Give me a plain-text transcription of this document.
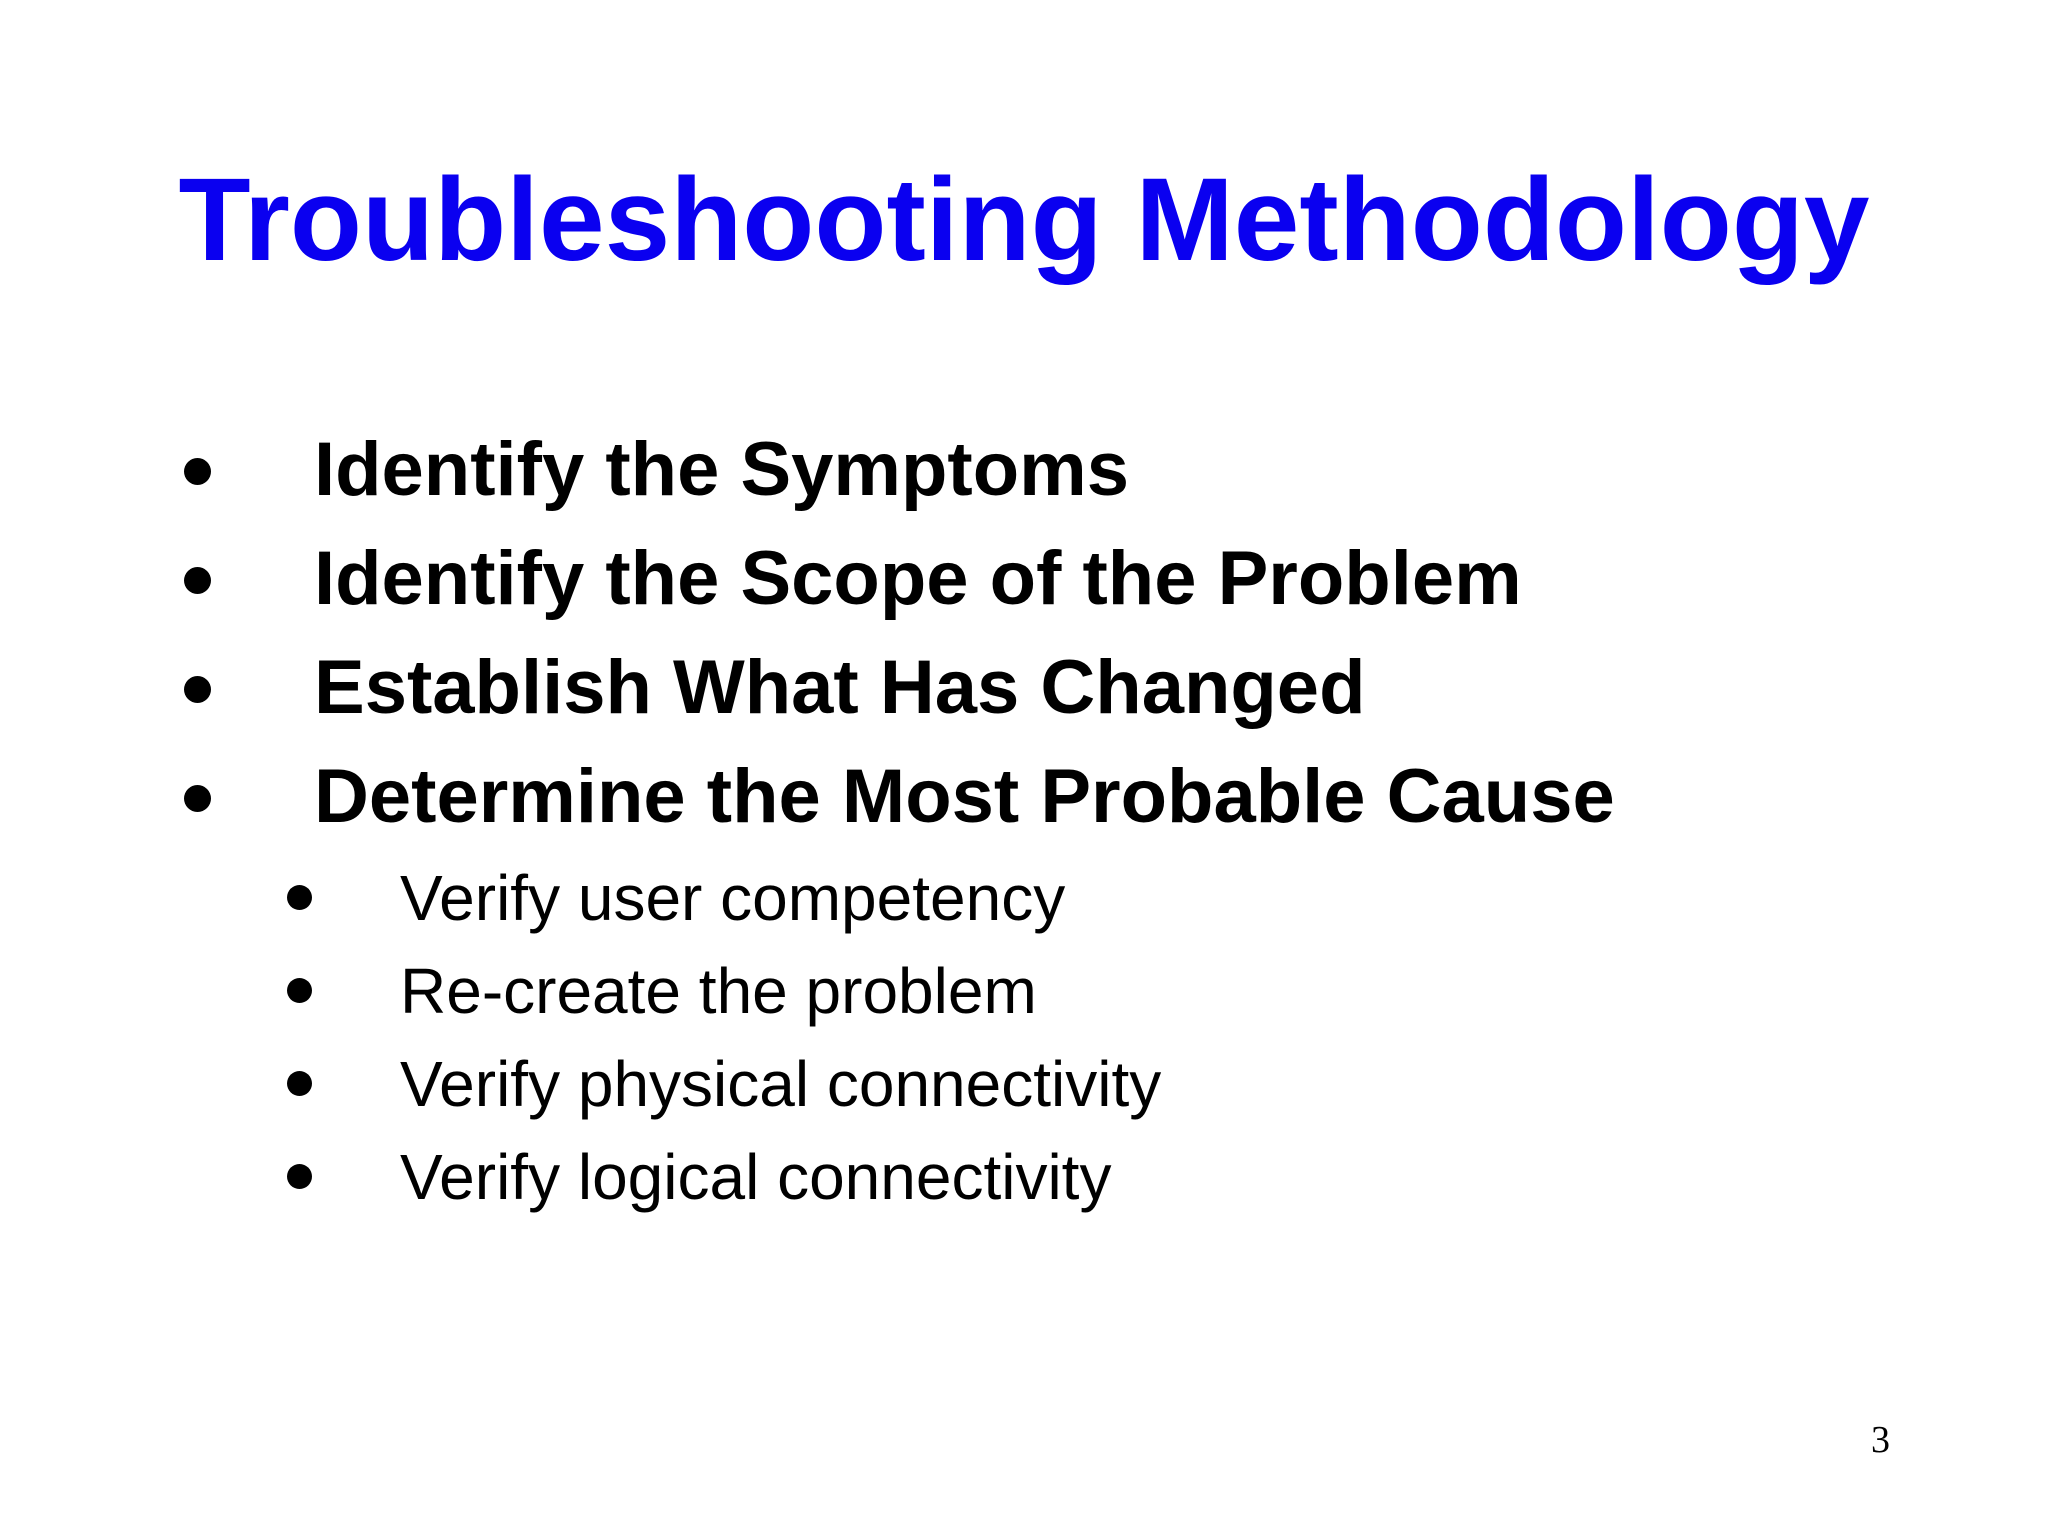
Troubleshooting Methodology
Identify the Symptoms
Identify the Scope of the Problem
Establish What Has Changed
Determine the Most Probable Cause
Verify user competency
Re-create the problem
Verify physical connectivity
Verify logical connectivity
3
